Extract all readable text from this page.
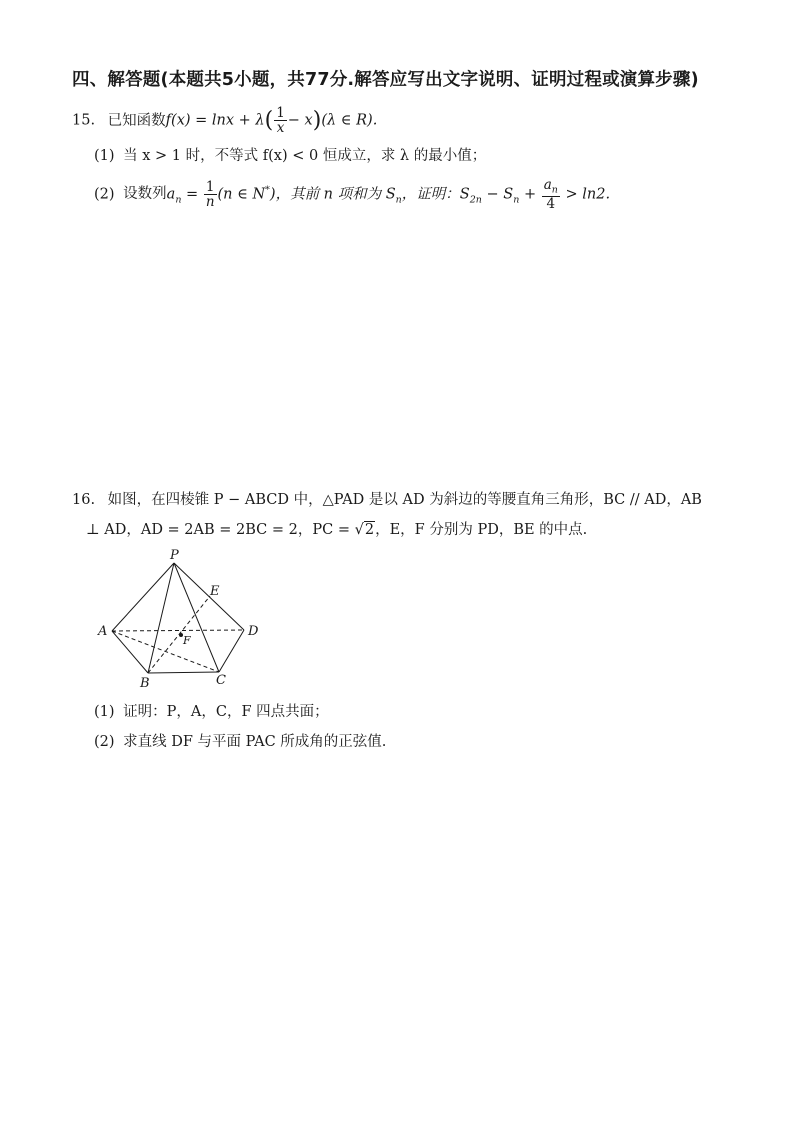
四、解答题(本题共5小题，共77分.解答应写出文字说明、证明过程或演算步骤)
15. 已知函数$f(x) = \ln x + \lambda( \frac{1}{x} - x)(\lambda$ ∈ R).
(1) 当 x > 1 时，不等式 f(x) < 0 恒成立，求 λ 的最小值；
(2) 设数列$a_n = \frac{1}{n} (n$ ∈ N*)，其前 n 项和为 $S_n$，证明：$S_{2n} - S_n + \frac{a_n}{4} > \ln 2$.
16. 如图，在四棱锥 P − ABCD 中，△PAD 是以 AD 为斜边的等腰直角三角形，BC // AD，AB
⊥ AD，AD = 2AB = 2BC = 2，PC = √2，E，F 分别为 PD，BE 的中点.
P
A
B	C
D
E
F
(1) 证明：P，A，C，F 四点共面；
(2) 求直线 DF 与平面 PAC 所成角的正弦值.
